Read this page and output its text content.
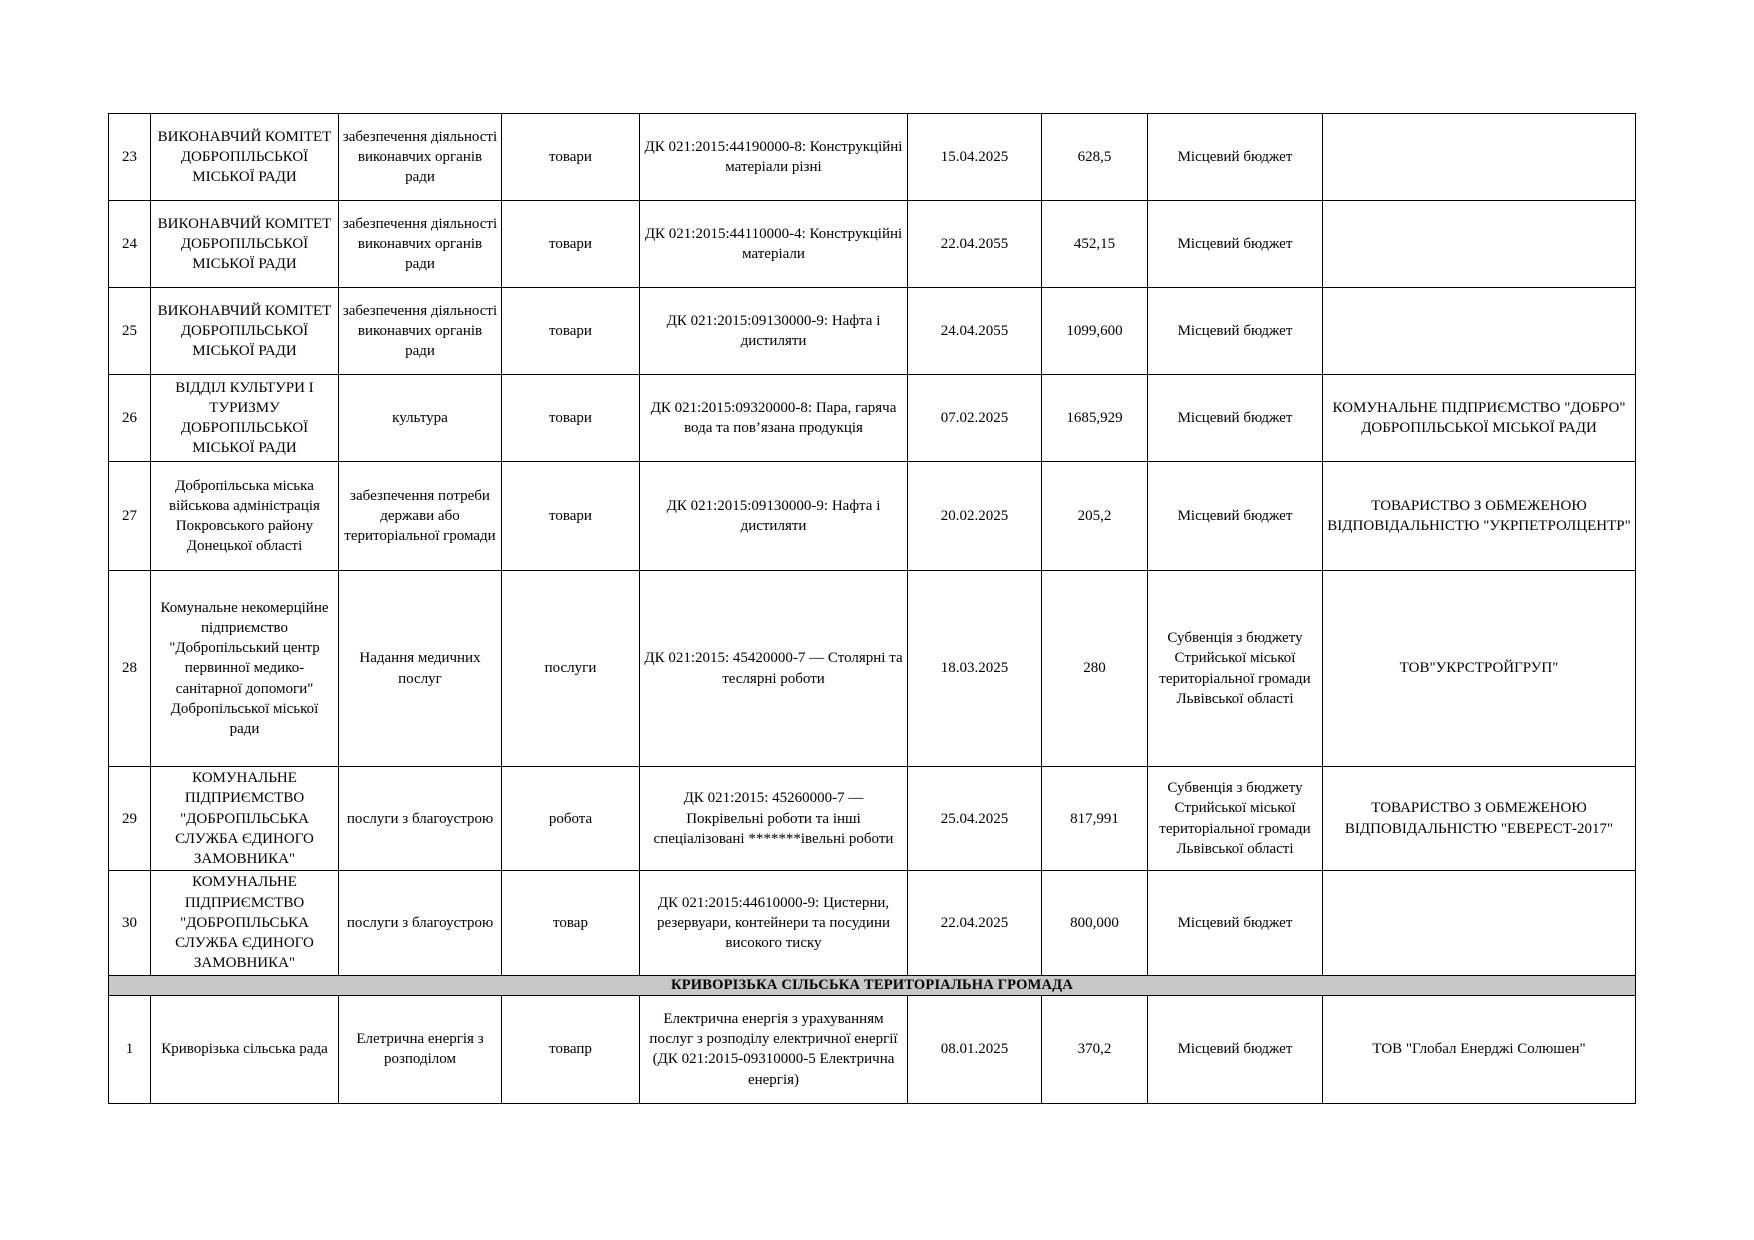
23	ВИКОНАВЧИЙ КОМІТЕТ ДОБРОПІЛЬСЬКОЇ МІСЬКОЇ РАДИ	забезпечення діяльності виконавчих органів ради	товари	ДК 021:2015:44190000-8: Конструкційні матеріали різні	15.04.2025	628,5	Місцевий бюджет	
24	ВИКОНАВЧИЙ КОМІТЕТ ДОБРОПІЛЬСЬКОЇ МІСЬКОЇ РАДИ	забезпечення діяльності виконавчих органів ради	товари	ДК 021:2015:44110000-4: Конструкційні матеріали	22.04.2055	452,15	Місцевий бюджет	
25	ВИКОНАВЧИЙ КОМІТЕТ ДОБРОПІЛЬСЬКОЇ МІСЬКОЇ РАДИ	забезпечення діяльності виконавчих органів ради	товари	ДК 021:2015:09130000-9: Нафта і дистиляти	24.04.2055	1099,600	Місцевий бюджет	
26	ВІДДІЛ КУЛЬТУРИ І ТУРИЗМУ ДОБРОПІЛЬСЬКОЇ МІСЬКОЇ РАДИ	культура	товари	ДК 021:2015:09320000-8: Пара, гаряча вода та пов’язана продукція	07.02.2025	1685,929	Місцевий бюджет	КОМУНАЛЬНЕ ПІДПРИЄМСТВО "ДОБРО" ДОБРОПІЛЬСЬКОЇ МІСЬКОЇ РАДИ
27	Добропільська міська військова адміністрація Покровського району Донецької області	забезпечення потреби держави або територіальної громади	товари	ДК 021:2015:09130000-9: Нафта і дистиляти	20.02.2025	205,2	Місцевий бюджет	ТОВАРИСТВО З ОБМЕЖЕНОЮ ВІДПОВІДАЛЬНІСТЮ "УКРПЕТРОЛЦЕНТР"
28	Комунальне некомерційне підприємство "Добропільський центр первинної медико-санітарної допомоги" Добропільської міської ради	Надання медичних послуг	послуги	ДК 021:2015: 45420000-7 — Столярні та теслярні роботи	18.03.2025	280	Субвенція з бюджету Стрийської міської територіальної громади Львівської області	ТОВ"УКРСТРОЙГРУП"
29	КОМУНАЛЬНЕ ПІДПРИЄМСТВО "ДОБРОПІЛЬСЬКА СЛУЖБА ЄДИНОГО ЗАМОВНИКА"	послуги з благоустрою	робота	ДК 021:2015: 45260000-7 — Покрівельні роботи та інші спеціалізовані *******івельні роботи	25.04.2025	817,991	Субвенція з бюджету Стрийської міської територіальної громади Львівської області	ТОВАРИСТВО З ОБМЕЖЕНОЮ ВІДПОВІДАЛЬНІСТЮ "ЕВЕРЕСТ-2017"
30	КОМУНАЛЬНЕ ПІДПРИЄМСТВО "ДОБРОПІЛЬСЬКА СЛУЖБА ЄДИНОГО ЗАМОВНИКА"	послуги з благоустрою	товар	ДК 021:2015:44610000-9: Цистерни, резервуари, контейнери та посудини високого тиску	22.04.2025	800,000	Місцевий бюджет	
КРИВОРІЗЬКА СІЛЬСЬКА ТЕРИТОРІАЛЬНА ГРОМАДА								
1	Криворізька сільська рада	Елетрична енергія з розподілом	товапр	Електрична енергія з урахуванням послуг з розподілу електричної енергії (ДК 021:2015-09310000-5 Електрична енергія)	08.01.2025	370,2	Місцевий бюджет	ТОВ "Глобал Енерджі Солюшен"
